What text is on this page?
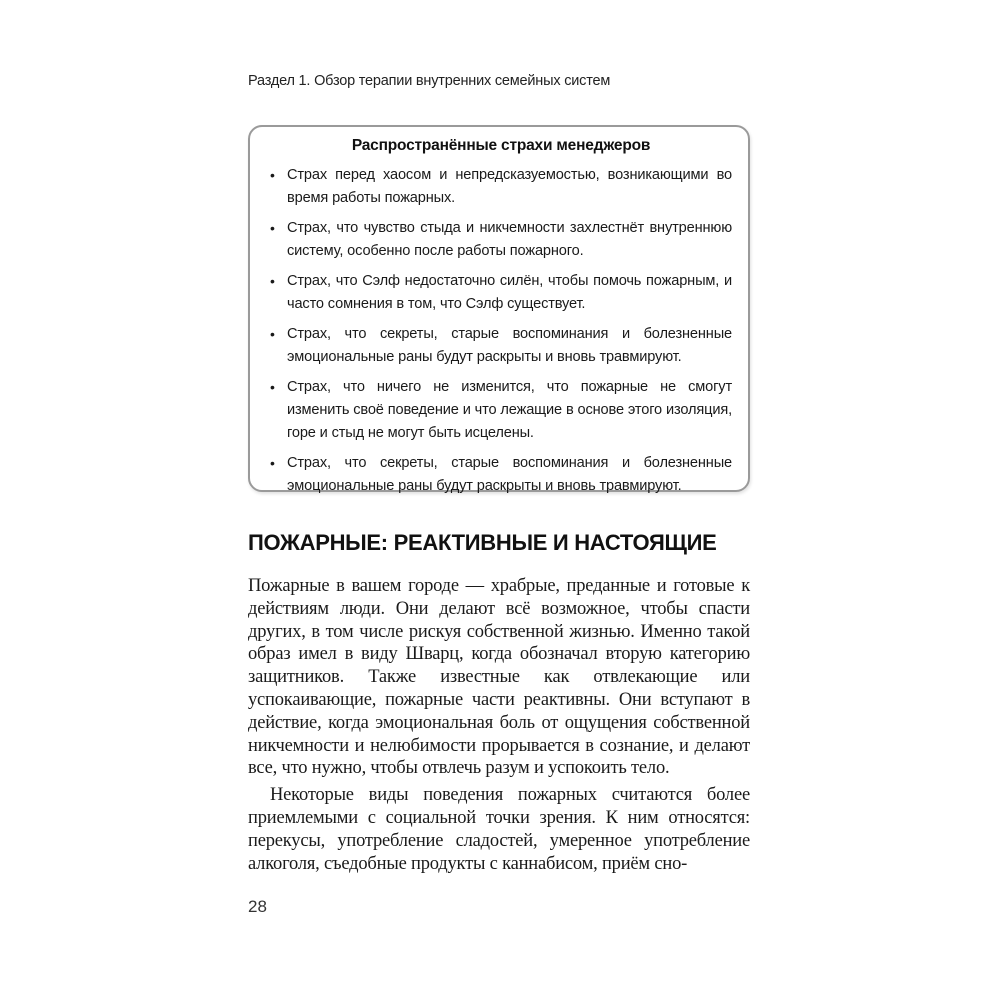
Раздел 1. Обзор терапии внутренних семейных систем
Распространённые страхи менеджеров
• Страх перед хаосом и непредсказуемостью, возникающими во время работы пожарных.
• Страх, что чувство стыда и никчемности захлестнёт внутреннюю систему, особенно после работы пожарного.
• Страх, что Сэлф недостаточно силён, чтобы помочь пожарным, и часто сомнения в том, что Сэлф существует.
• Страх, что секреты, старые воспоминания и болезненные эмоциональные раны будут раскрыты и вновь травмируют.
• Страх, что ничего не изменится, что пожарные не смогут изменить своё поведение и что лежащие в основе этого изоляция, горе и стыд не могут быть исцелены.
• Страх, что секреты, старые воспоминания и болезненные эмоциональные раны будут раскрыты и вновь травмируют.
ПОЖАРНЫЕ: РЕАКТИВНЫЕ И НАСТОЯЩИЕ

Пожарные в вашем городе — храбрые, преданные и готовые к действиям люди. Они делают всё возможное, чтобы спасти других, в том числе рискуя собственной жизнью. Именно такой образ имел в виду Шварц, когда обозначал вторую категорию защитников. Также известные как отвлекающие или успокаивающие, пожарные части реактивны. Они вступают в действие, когда эмоциональная боль от ощущения собственной никчемности и нелюбимости прорывается в сознание, и делают все, что нужно, чтобы отвлечь разум и успокоить тело.

Некоторые виды поведения пожарных считаются более приемлемыми с социальной точки зрения. К ним относятся: перекусы, употребление сладостей, умеренное употребление алкоголя, съедобные продукты с каннабисом, приём сно-

28
